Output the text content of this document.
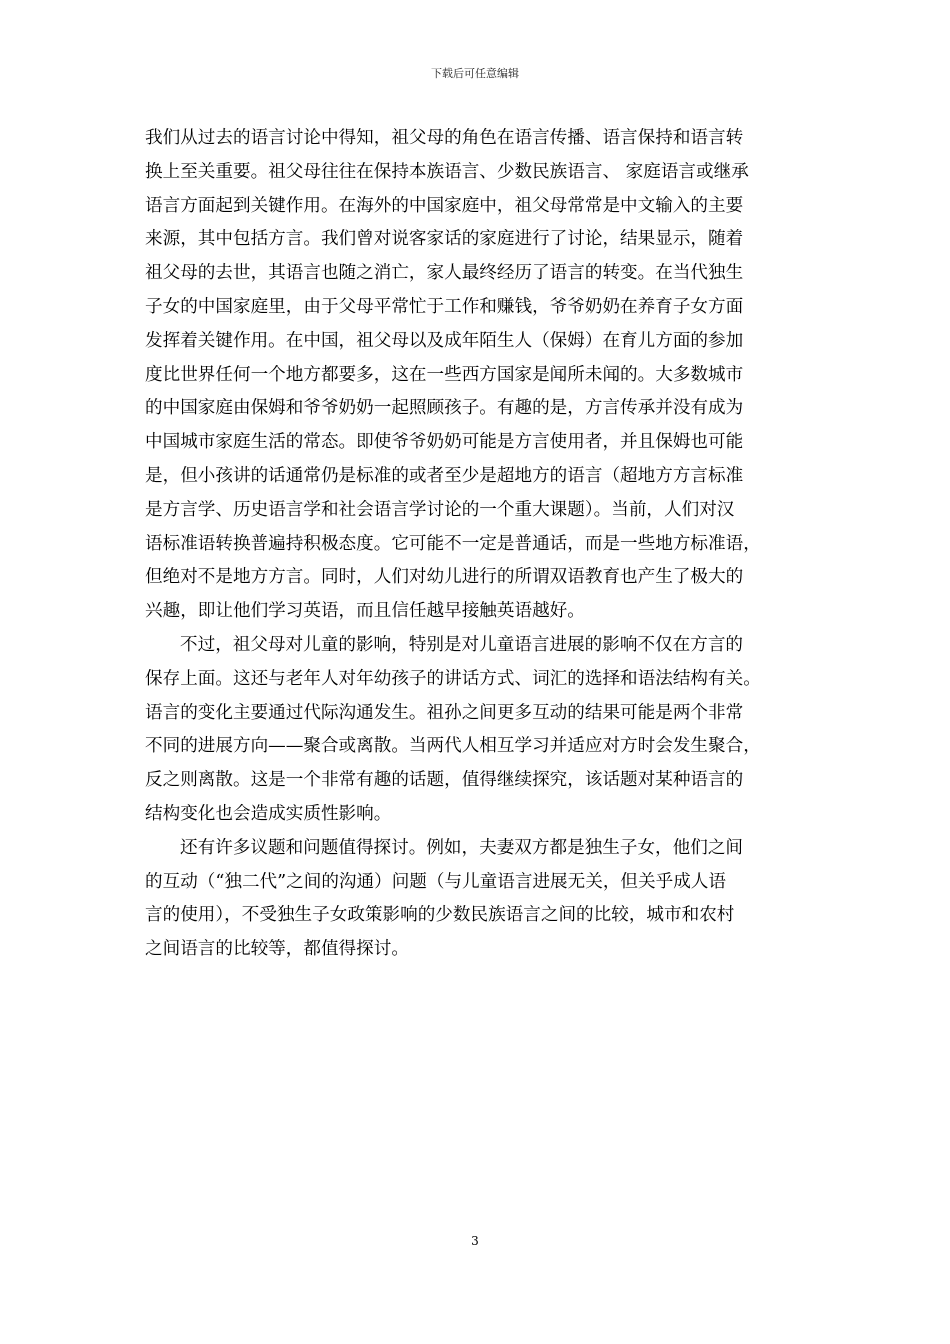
下载后可任意编辑

我们从过去的语言讨论中得知，祖父母的角色在语言传播、语言保持和语言转
换上至关重要。祖父母往往在保持本族语言、少数民族语言、 家庭语言或继承
语言方面起到关键作用。在海外的中国家庭中，祖父母常常是中文输入的主要
来源，其中包括方言。我们曾对说客家话的家庭进行了讨论，结果显示，随着
祖父母的去世，其语言也随之消亡，家人最终经历了语言的转变。在当代独生
子女的中国家庭里，由于父母平常忙于工作和赚钱，爷爷奶奶在养育子女方面
发挥着关键作用。在中国，祖父母以及成年陌生人（保姆）在育儿方面的参加
度比世界任何一个地方都要多，这在一些西方国家是闻所未闻的。大多数城市
的中国家庭由保姆和爷爷奶奶一起照顾孩子。有趣的是，方言传承并没有成为
中国城市家庭生活的常态。即使爷爷奶奶可能是方言使用者，并且保姆也可能
是，但小孩讲的话通常仍是标准的或者至少是超地方的语言（超地方方言标准
是方言学、历史语言学和社会语言学讨论的一个重大课题）。当前，人们对汉
语标准语转换普遍持积极态度。它可能不一定是普通话，而是一些地方标准语，
但绝对不是地方方言。同时，人们对幼儿进行的所谓双语教育也产生了极大的
兴趣，即让他们学习英语，而且信任越早接触英语越好。

不过，祖父母对儿童的影响，特别是对儿童语言进展的影响不仅在方言的
保存上面。这还与老年人对年幼孩子的讲话方式、词汇的选择和语法结构有关。
语言的变化主要通过代际沟通发生。祖孙之间更多互动的结果可能是两个非常
不同的进展方向——聚合或离散。当两代人相互学习并适应对方时会发生聚合，
反之则离散。这是一个非常有趣的话题，值得继续探究，该话题对某种语言的
结构变化也会造成实质性影响。

还有许多议题和问题值得探讨。例如，夫妻双方都是独生子女，他们之间
的互动（“独二代”之间的沟通）问题（与儿童语言进展无关，但关乎成人语
言的使用），不受独生子女政策影响的少数民族语言之间的比较，城市和农村
之间语言的比较等，都值得探讨。

3
